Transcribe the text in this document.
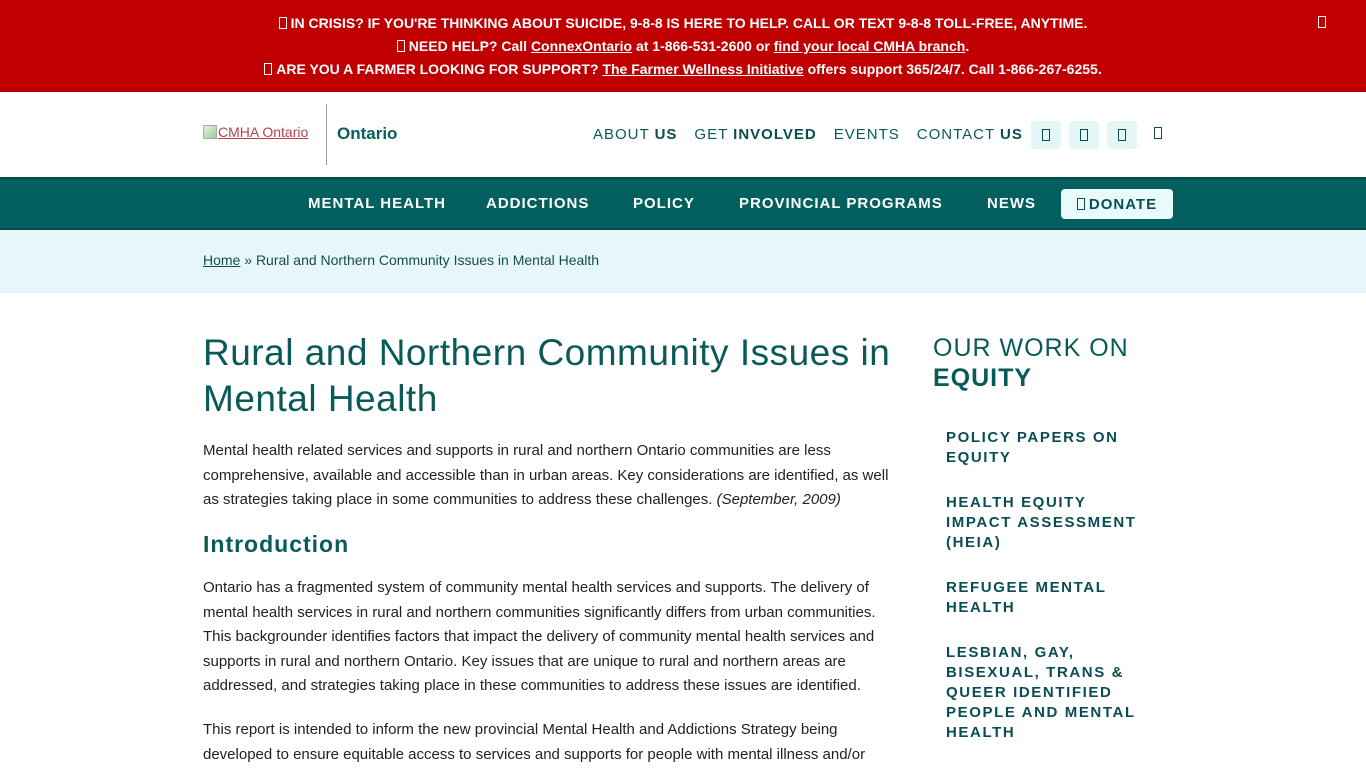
IN CRISIS? IF YOU'RE THINKING ABOUT SUICIDE, 9-8-8 IS HERE TO HELP. CALL OR TEXT 9-8-8 TOLL-FREE, ANYTIME.
NEED HELP? Call ConnexOntario at 1-866-531-2600 or find your local CMHA branch.
ARE YOU A FARMER LOOKING FOR SUPPORT? The Farmer Wellness Initiative offers support 365/24/7. Call 1-866-267-6255.
CMHA Ontario Ontario	ABOUT US GET INVOLVED EVENTS CONTACT US
MENTAL HEALTH	ADDICTIONS	POLICY	PROVINCIAL PROGRAMS	NEWS	DONATE
Home » Rural and Northern Community Issues in Mental Health
Rural and Northern Community Issues in Mental Health

Mental health related services and supports in rural and northern Ontario communities are less comprehensive, available and accessible than in urban areas. Key considerations are identified, as well as strategies taking place in some communities to address these challenges. (September, 2009)

Introduction

Ontario has a fragmented system of community mental health services and supports. The delivery of mental health services in rural and northern communities significantly differs from urban communities. This backgrounder identifies factors that impact the delivery of community mental health services and supports in rural and northern Ontario. Key issues that are unique to rural and northern areas are addressed, and strategies taking place in these communities to address these issues are identified.

This report is intended to inform the new provincial Mental Health and Addictions Strategy being developed to ensure equitable access to services and supports for people with mental illness and/or

OUR WORK ON
EQUITY
POLICY PAPERS ON EQUITY
HEALTH EQUITY IMPACT ASSESSMENT (HEIA)
REFUGEE MENTAL HEALTH
LESBIAN, GAY, BISEXUAL, TRANS & QUEER IDENTIFIED PEOPLE AND MENTAL HEALTH
